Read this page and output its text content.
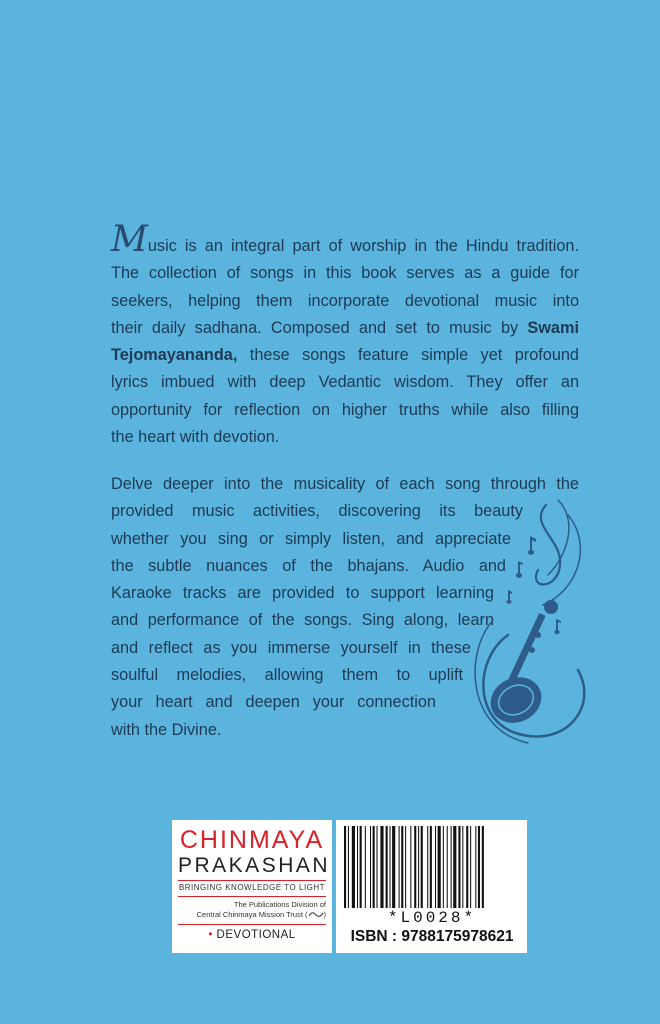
Music is an integral part of worship in the Hindu tradition.
The collection of songs in this book serves as a guide for
seekers, helping them incorporate devotional music into
their daily sadhana. Composed and set to music by Swami
Tejomayananda, these songs feature simple yet profound
lyrics imbued with deep Vedantic wisdom. They offer an
opportunity for reflection on higher truths while also filling
the heart with devotion.
Delve deeper into the musicality of each song through the
provided music activities, discovering its beauty
whether you sing or simply listen, and appreciate
the subtle nuances of the bhajans. Audio and
Karaoke tracks are provided to support learning
and performance of the songs. Sing along, learn
and reflect as you immerse yourself in these
soulful melodies, allowing them to uplift
your heart and deepen your connection
with the Divine.
CHINMAYA
PRAKASHAN
BRINGING KNOWLEDGE TO LIGHT
The Publications Division of
Central Chinmaya Mission Trust ( )
• DEVOTIONAL
*L0028*
ISBN : 9788175978621
